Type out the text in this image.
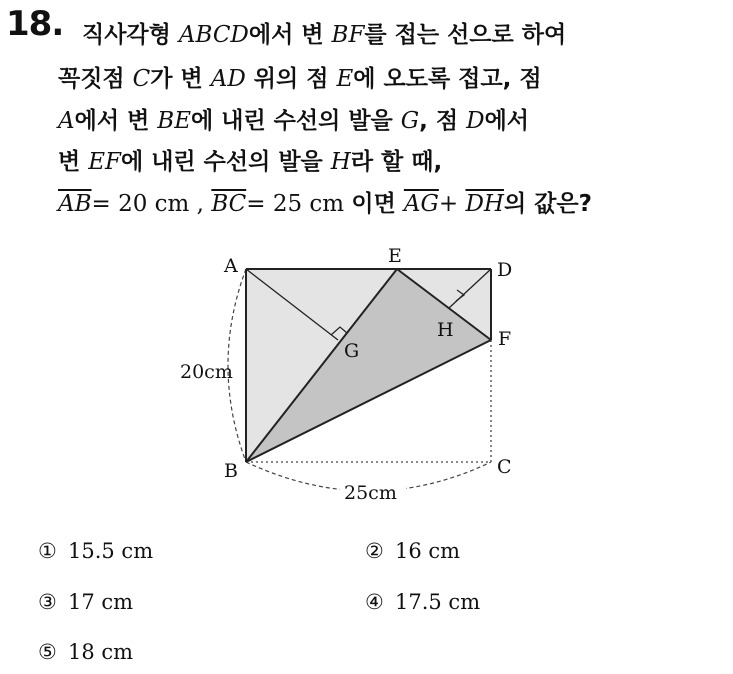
18. 직사각형 ABCD에서 변 BF를 접는 선으로 하여
꼭짓점 C가 변 AD 위의 점 E에 오도록 접고, 점
A에서 변 BE에 내린 수선의 발을 G, 점 D에서
변 EF에 내린 수선의 발을 H라 할 때,
$\overline{AB}= 20$ cm , $\overline{BC}= 25$ cm 이면 $\overline{AG}+ \overline{DH}$의 값은?
A	E
D
H F
G
B	C
20cm
25cm
① 15.5 cm	② 16 cm
③ 17 cm	④ 17.5 cm
⑤ 18 cm
